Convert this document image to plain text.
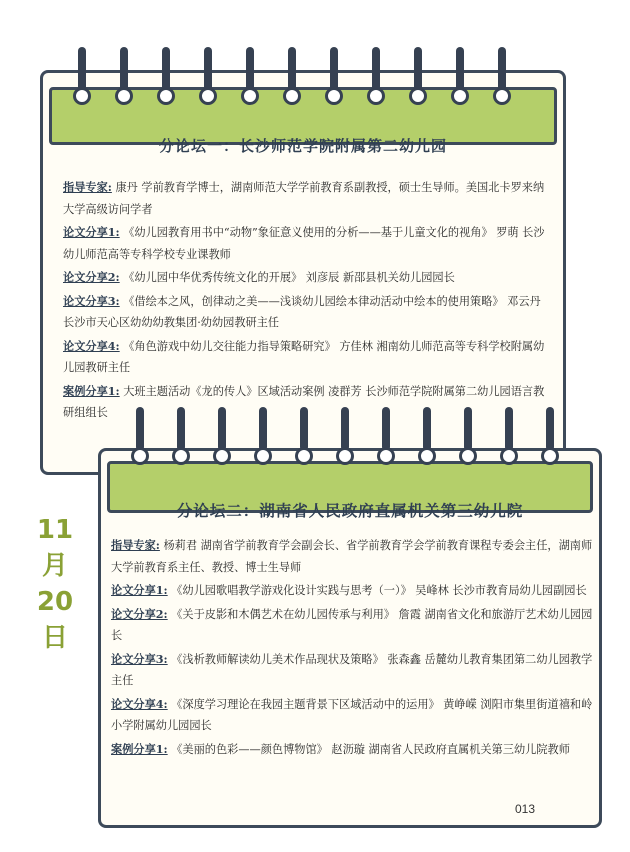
分论坛一：长沙师范学院附属第二幼儿园
指导专家: 康丹 学前教育学博士，湖南师范大学学前教育系副教授，硕士生导师。美国北卡罗来纳大学高级访问学者
论文分享1: 《幼儿园教育用书中“动物”象征意义使用的分析——基于儿童文化的视角》 罗萌 长沙幼儿师范高等专科学校专业课教师
论文分享2: 《幼儿园中华优秀传统文化的开展》 刘彦辰 新邵县机关幼儿园园长
论文分享3: 《借绘本之风，创律动之美——浅谈幼儿园绘本律动活动中绘本的使用策略》 邓云丹 长沙市天心区幼幼幼教集团·幼幼园教研主任
论文分享4: 《角色游戏中幼儿交往能力指导策略研究》 方佳林 湘南幼儿师范高等专科学校附属幼儿园教研主任
案例分享1: 大班主题活动《龙的传人》区域活动案例 凌群芳 长沙师范学院附属第二幼儿园语言教研组组长
分论坛二：湖南省人民政府直属机关第三幼儿院
指导专家: 杨莉君 湖南省学前教育学会副会长、省学前教育学会学前教育课程专委会主任，湖南师大学前教育系主任、教授、博士生导师
论文分享1: 《幼儿园歌唱教学游戏化设计实践与思考（一）》 吴峰林 长沙市教育局幼儿园副园长
论文分享2: 《关于皮影和木偶艺术在幼儿园传承与利用》 詹霞 湖南省文化和旅游厅艺术幼儿园园长
论文分享3: 《浅析教师解读幼儿美术作品现状及策略》 张森鑫 岳麓幼儿教育集团第二幼儿园教学主任
论文分享4: 《深度学习理论在我园主题背景下区域活动中的运用》 黄峥嵘 浏阳市集里街道禧和岭小学附属幼儿园园长
案例分享1: 《美丽的色彩——颜色博物馆》 赵沥璇 湖南省人民政府直属机关第三幼儿院教师
11
月
20
日
013
